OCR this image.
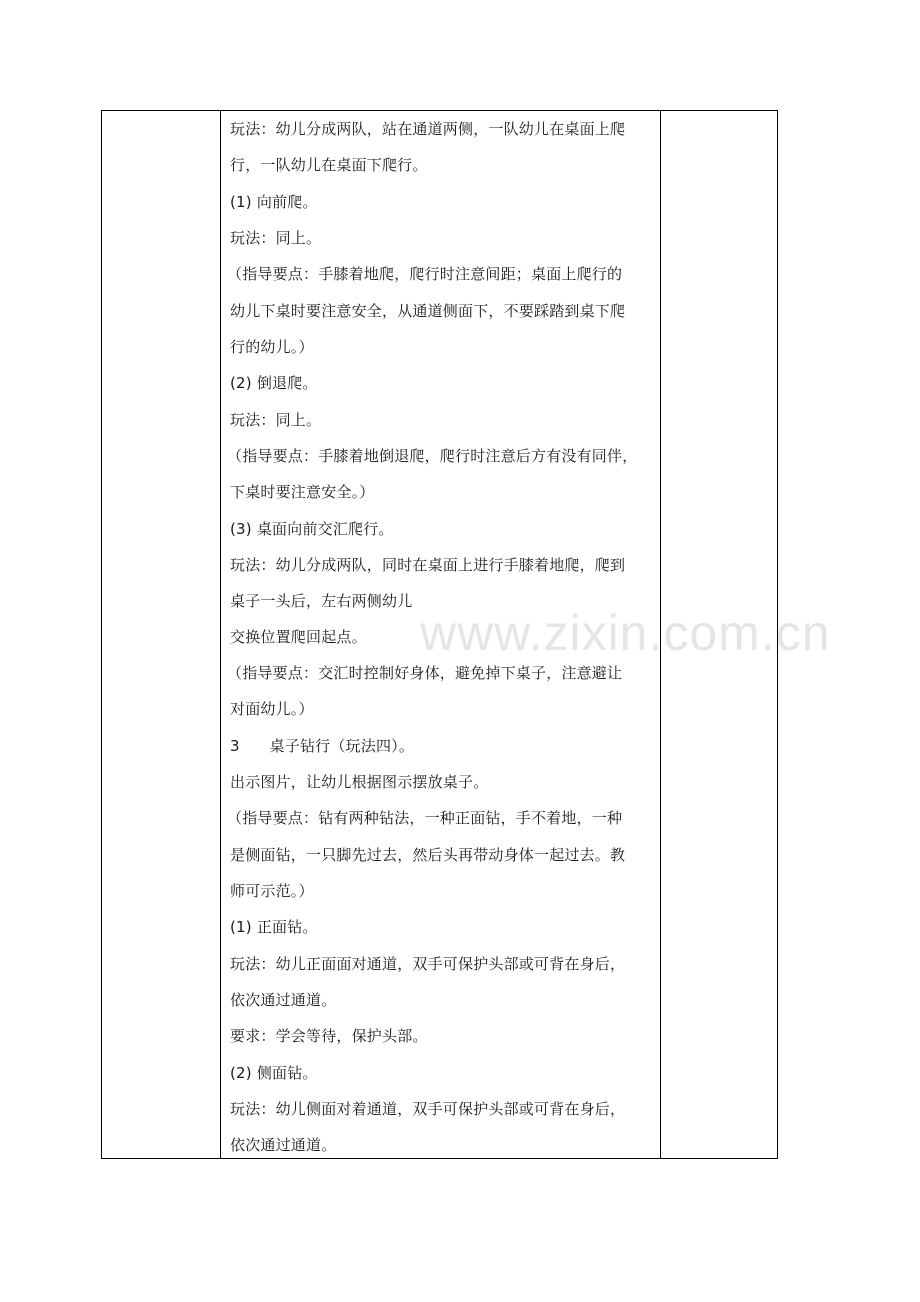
玩法：幼儿分成两队，站在通道两侧，一队幼儿在桌面上爬
行，一队幼儿在桌面下爬行。
(1) 向前爬。
玩法：同上。
（指导要点：手膝着地爬，爬行时注意间距；桌面上爬行的
幼儿下桌时要注意安全，从通道侧面下，不要踩踏到桌下爬
行的幼儿。）
(2) 倒退爬。
玩法：同上。
（指导要点：手膝着地倒退爬，爬行时注意后方有没有同伴，
下桌时要注意安全。）
(3) 桌面向前交汇爬行。
玩法：幼儿分成两队，同时在桌面上进行手膝着地爬，爬到
桌子一头后，左右两侧幼儿
交换位置爬回起点。
（指导要点：交汇时控制好身体，避免掉下桌子，注意避让
对面幼儿。）
3      桌子钻行（玩法四）。
出示图片，让幼儿根据图示摆放桌子。
（指导要点：钻有两种钻法，一种正面钻，手不着地，一种
是侧面钻，一只脚先过去，然后头再带动身体一起过去。教
师可示范。）
(1) 正面钻。
玩法：幼儿正面面对通道，双手可保护头部或可背在身后，
依次通过通道。
要求：学会等待，保护头部。
(2) 侧面钻。
玩法：幼儿侧面对着通道，双手可保护头部或可背在身后，
依次通过通道。
www.zixin.com.cn
